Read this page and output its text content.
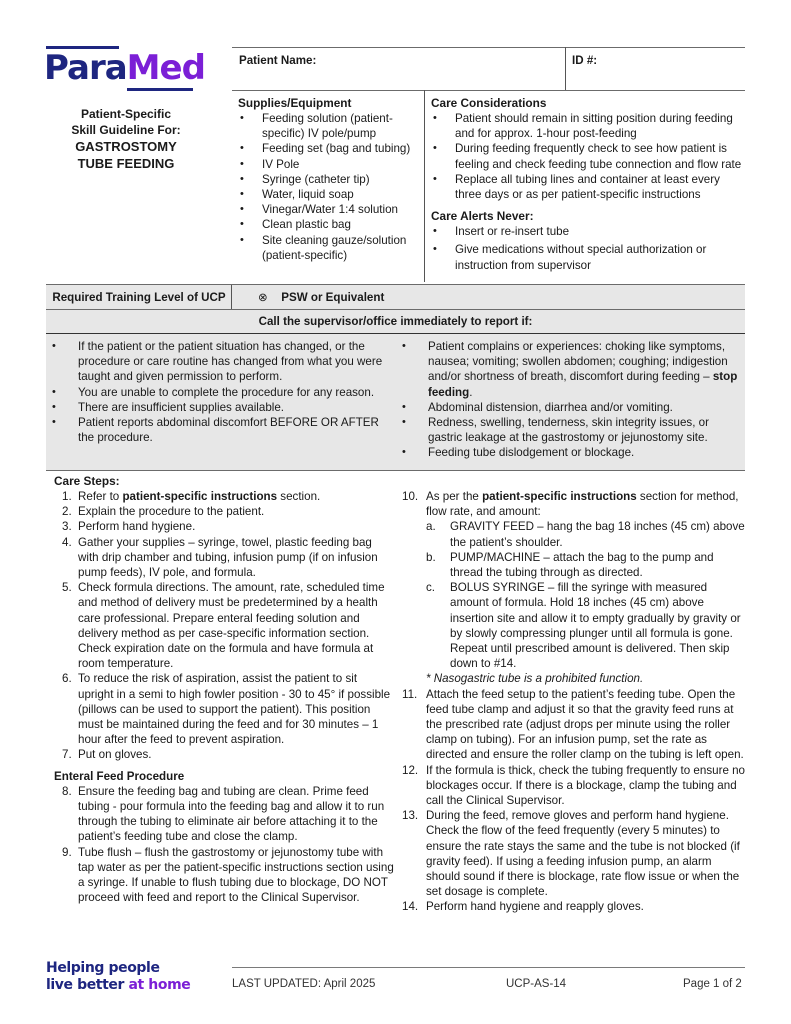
ParaMed
Patient-Specific
Skill Guideline For:
GASTROSTOMY
TUBE FEEDING
Patient Name:	ID #:
Supplies/Equipment
• Feeding solution (patient-specific) IV pole/pump
• Feeding set (bag and tubing)
• IV Pole
• Syringe (catheter tip)
• Water, liquid soap
• Vinegar/Water 1:4 solution
• Clean plastic bag
• Site cleaning gauze/solution (patient-specific)
Care Considerations
• Patient should remain in sitting position during feeding and for approx. 1-hour post-feeding
• During feeding frequently check to see how patient is feeling and check feeding tube connection and flow rate
• Replace all tubing lines and container at least every three days or as per patient-specific instructions
Care Alerts Never:
• Insert or re-insert tube
• Give medications without special authorization or instruction from supervisor
Required Training Level of UCP	⊗ PSW or Equivalent
Call the supervisor/office immediately to report if:
• If the patient or the patient situation has changed, or the procedure or care routine has changed from what you were taught and given permission to perform.
• You are unable to complete the procedure for any reason.
• There are insufficient supplies available.
• Patient reports abdominal discomfort BEFORE OR AFTER the procedure.
• Patient complains or experiences: choking like symptoms, nausea; vomiting; swollen abdomen; coughing; indigestion and/or shortness of breath, discomfort during feeding – stop feeding.
• Abdominal distension, diarrhea and/or vomiting.
• Redness, swelling, tenderness, skin integrity issues, or gastric leakage at the gastrostomy or jejunostomy site.
• Feeding tube dislodgement or blockage.
Care Steps:
1. Refer to patient-specific instructions section.
2. Explain the procedure to the patient.
3. Perform hand hygiene.
4. Gather your supplies – syringe, towel, plastic feeding bag with drip chamber and tubing, infusion pump (if on infusion pump feeds), IV pole, and formula.
5. Check formula directions. The amount, rate, scheduled time and method of delivery must be predetermined by a health care professional. Prepare enteral feeding solution and delivery method as per case-specific information section. Check expiration date on the formula and have formula at room temperature.
6. To reduce the risk of aspiration, assist the patient to sit upright in a semi to high fowler position - 30 to 45° if possible (pillows can be used to support the patient). This position must be maintained during the feed and for 30 minutes – 1 hour after the feed to prevent aspiration.
7. Put on gloves.
Enteral Feed Procedure
8. Ensure the feeding bag and tubing are clean. Prime feed tubing - pour formula into the feeding bag and allow it to run through the tubing to eliminate air before attaching it to the patient’s feeding tube and close the clamp.
9. Tube flush – flush the gastrostomy or jejunostomy tube with tap water as per the patient-specific instructions section using a syringe. If unable to flush tubing due to blockage, DO NOT proceed with feed and report to the Clinical Supervisor.
10. As per the patient-specific instructions section for method, flow rate, and amount:
a. GRAVITY FEED – hang the bag 18 inches (45 cm) above the patient’s shoulder.
b. PUMP/MACHINE – attach the bag to the pump and thread the tubing through as directed.
c. BOLUS SYRINGE – fill the syringe with measured amount of formula. Hold 18 inches (45 cm) above insertion site and allow it to empty gradually by gravity or by slowly compressing plunger until all formula is gone. Repeat until prescribed amount is delivered. Then skip down to #14.
* Nasogastric tube is a prohibited function.
11. Attach the feed setup to the patient’s feeding tube. Open the feed tube clamp and adjust it so that the gravity feed runs at the prescribed rate (adjust drops per minute using the roller clamp on tubing). For an infusion pump, set the rate as directed and ensure the roller clamp on the tubing is left open.
12. If the formula is thick, check the tubing frequently to ensure no blockages occur. If there is a blockage, clamp the tubing and call the Clinical Supervisor.
13. During the feed, remove gloves and perform hand hygiene. Check the flow of the feed frequently (every 5 minutes) to ensure the rate stays the same and the tube is not blocked (if gravity feed). If using a feeding infusion pump, an alarm should sound if there is blockage, rate flow issue or when the set dosage is complete.
14. Perform hand hygiene and reapply gloves.
Helping people
live better at home	LAST UPDATED: April 2025	UCP-AS-14	Page 1 of 2
